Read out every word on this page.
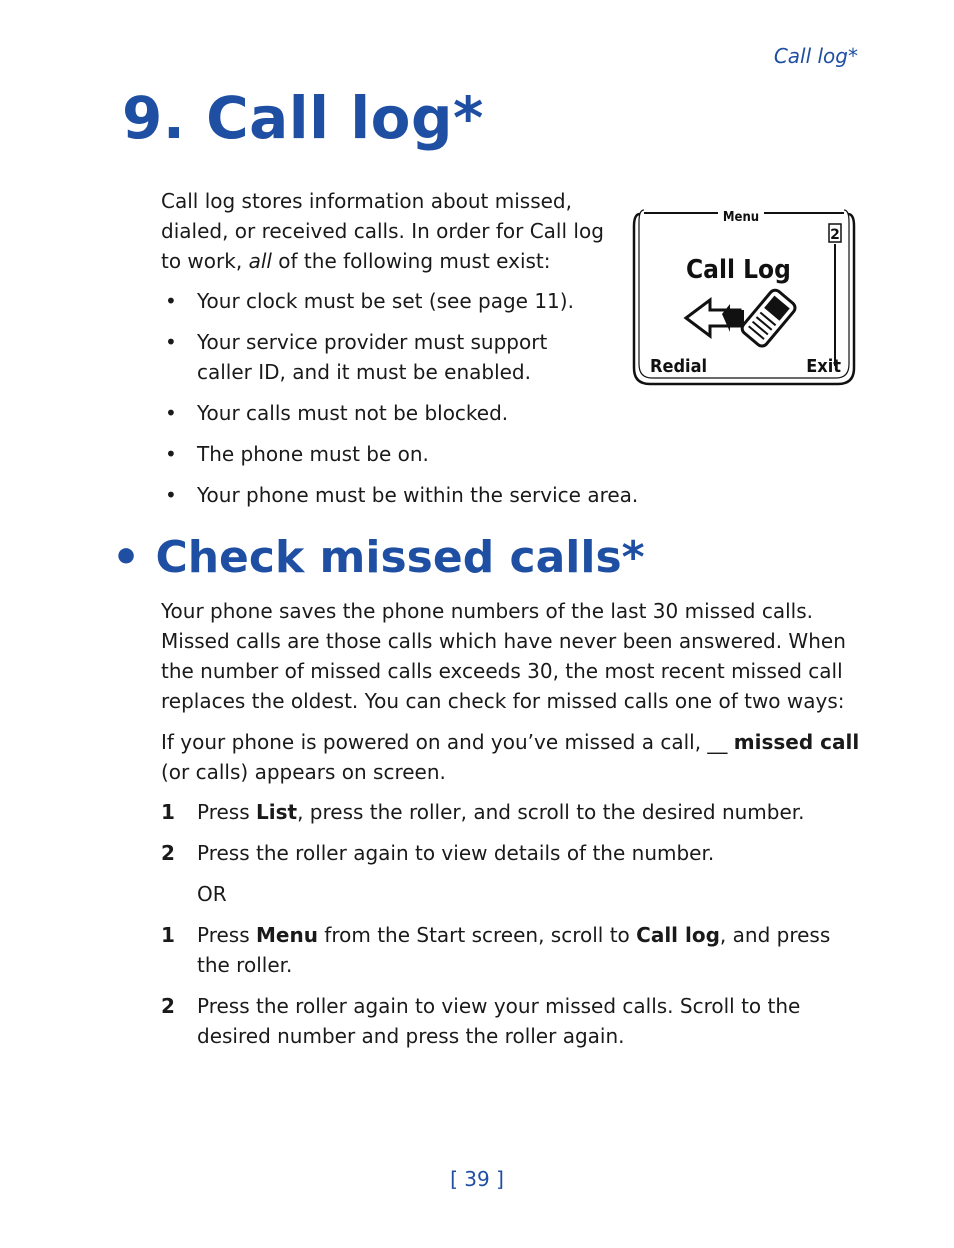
Call log*
9. Call log*

Call log stores information about missed, dialed, or received calls. In order for Call log to work, all of the following must exist:

• Your clock must be set (see page 11).
• Your service provider must support caller ID, and it must be enabled.
• Your calls must not be blocked.
• The phone must be on.
• Your phone must be within the service area.
Menu
2
Call Log
Redial	Exit
• Check missed calls*

Your phone saves the phone numbers of the last 30 missed calls. Missed calls are those calls which have never been answered. When the number of missed calls exceeds 30, the most recent missed call replaces the oldest. You can check for missed calls one of two ways:

If your phone is powered on and you’ve missed a call, __ missed call (or calls) appears on screen.

1 Press List, press the roller, and scroll to the desired number.
2 Press the roller again to view details of the number.
OR
1 Press Menu from the Start screen, scroll to Call log, and press the roller.
2 Press the roller again to view your missed calls. Scroll to the desired number and press the roller again.
[ 39 ]
